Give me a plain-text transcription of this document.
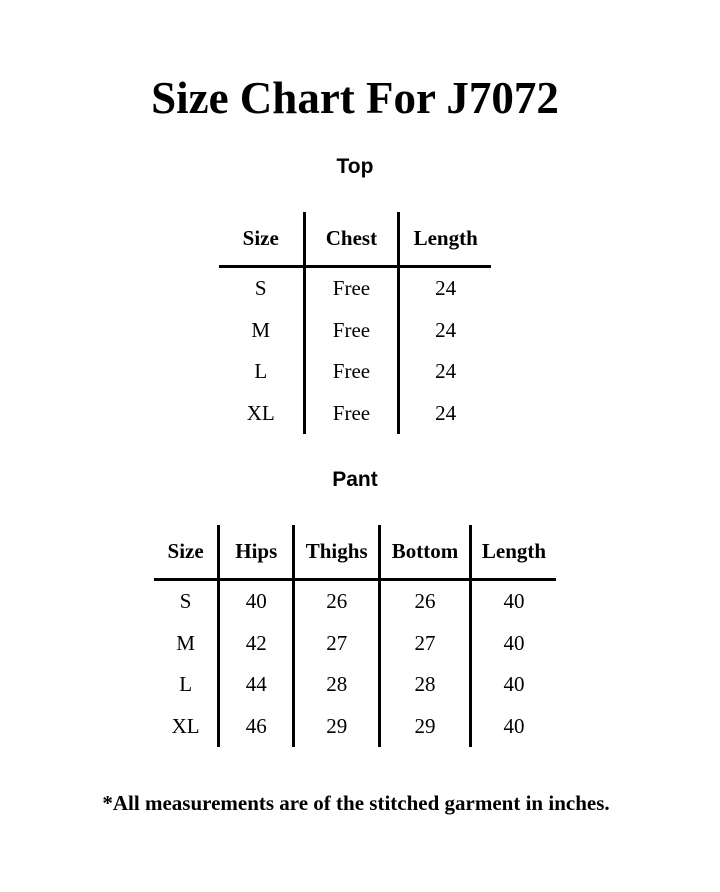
Size Chart For J7072
Top
Size	Chest	Length
S	Free	24
M	Free	24
L	Free	24
XL	Free	24
Pant
Size	Hips	Thighs	Bottom	Length
S	40	26	26	40
M	42	27	27	40
L	44	28	28	40
XL	46	29	29	40

*All measurements are of the stitched garment in inches.
